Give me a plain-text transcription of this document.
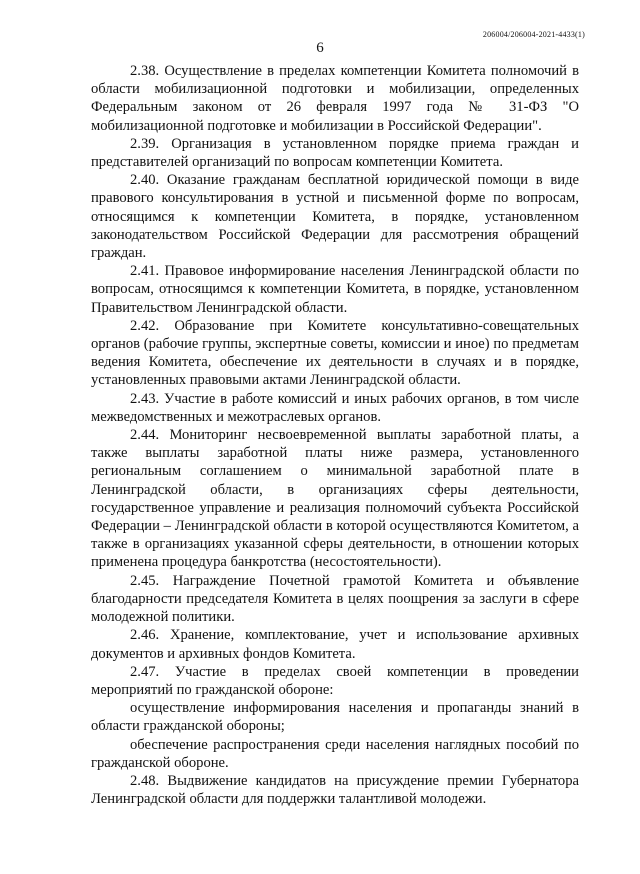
206004/206004-2021-4433(1)
6

2.38. Осуществление в пределах компетенции Комитета полномочий в области мобилизационной подготовки и мобилизации, определенных Федеральным законом от 26 февраля 1997 года № 31-ФЗ "О мобилизационной подготовке и мобилизации в Российской Федерации".

2.39. Организация в установленном порядке приема граждан и представителей организаций по вопросам компетенции Комитета.

2.40. Оказание гражданам бесплатной юридической помощи в виде правового консультирования в устной и письменной форме по вопросам, относящимся к компетенции Комитета, в порядке, установленном законодательством Российской Федерации для рассмотрения обращений граждан.

2.41. Правовое информирование населения Ленинградской области по вопросам, относящимся к компетенции Комитета, в порядке, установленном Правительством Ленинградской области.

2.42. Образование при Комитете консультативно-совещательных органов (рабочие группы, экспертные советы, комиссии и иное) по предметам ведения Комитета, обеспечение их деятельности в случаях и в порядке, установленных правовыми актами Ленинградской области.

2.43. Участие в работе комиссий и иных рабочих органов, в том числе межведомственных и межотраслевых органов.

2.44. Мониторинг несвоевременной выплаты заработной платы, а также выплаты заработной платы ниже размера, установленного региональным соглашением о минимальной заработной плате в Ленинградской области, в организациях сферы деятельности, государственное управление и реализация полномочий субъекта Российской Федерации – Ленинградской области в которой осуществляются Комитетом, а также в организациях указанной сферы деятельности, в отношении которых применена процедура банкротства (несостоятельности).

2.45. Награждение Почетной грамотой Комитета и объявление благодарности председателя Комитета в целях поощрения за заслуги в сфере молодежной политики.

2.46. Хранение, комплектование, учет и использование архивных документов и архивных фондов Комитета.

2.47. Участие в пределах своей компетенции в проведении мероприятий по гражданской обороне:

осуществление информирования населения и пропаганды знаний в области гражданской обороны;

обеспечение распространения среди населения наглядных пособий по гражданской обороне.

2.48. Выдвижение кандидатов на присуждение премии Губернатора Ленинградской области для поддержки талантливой молодежи.
